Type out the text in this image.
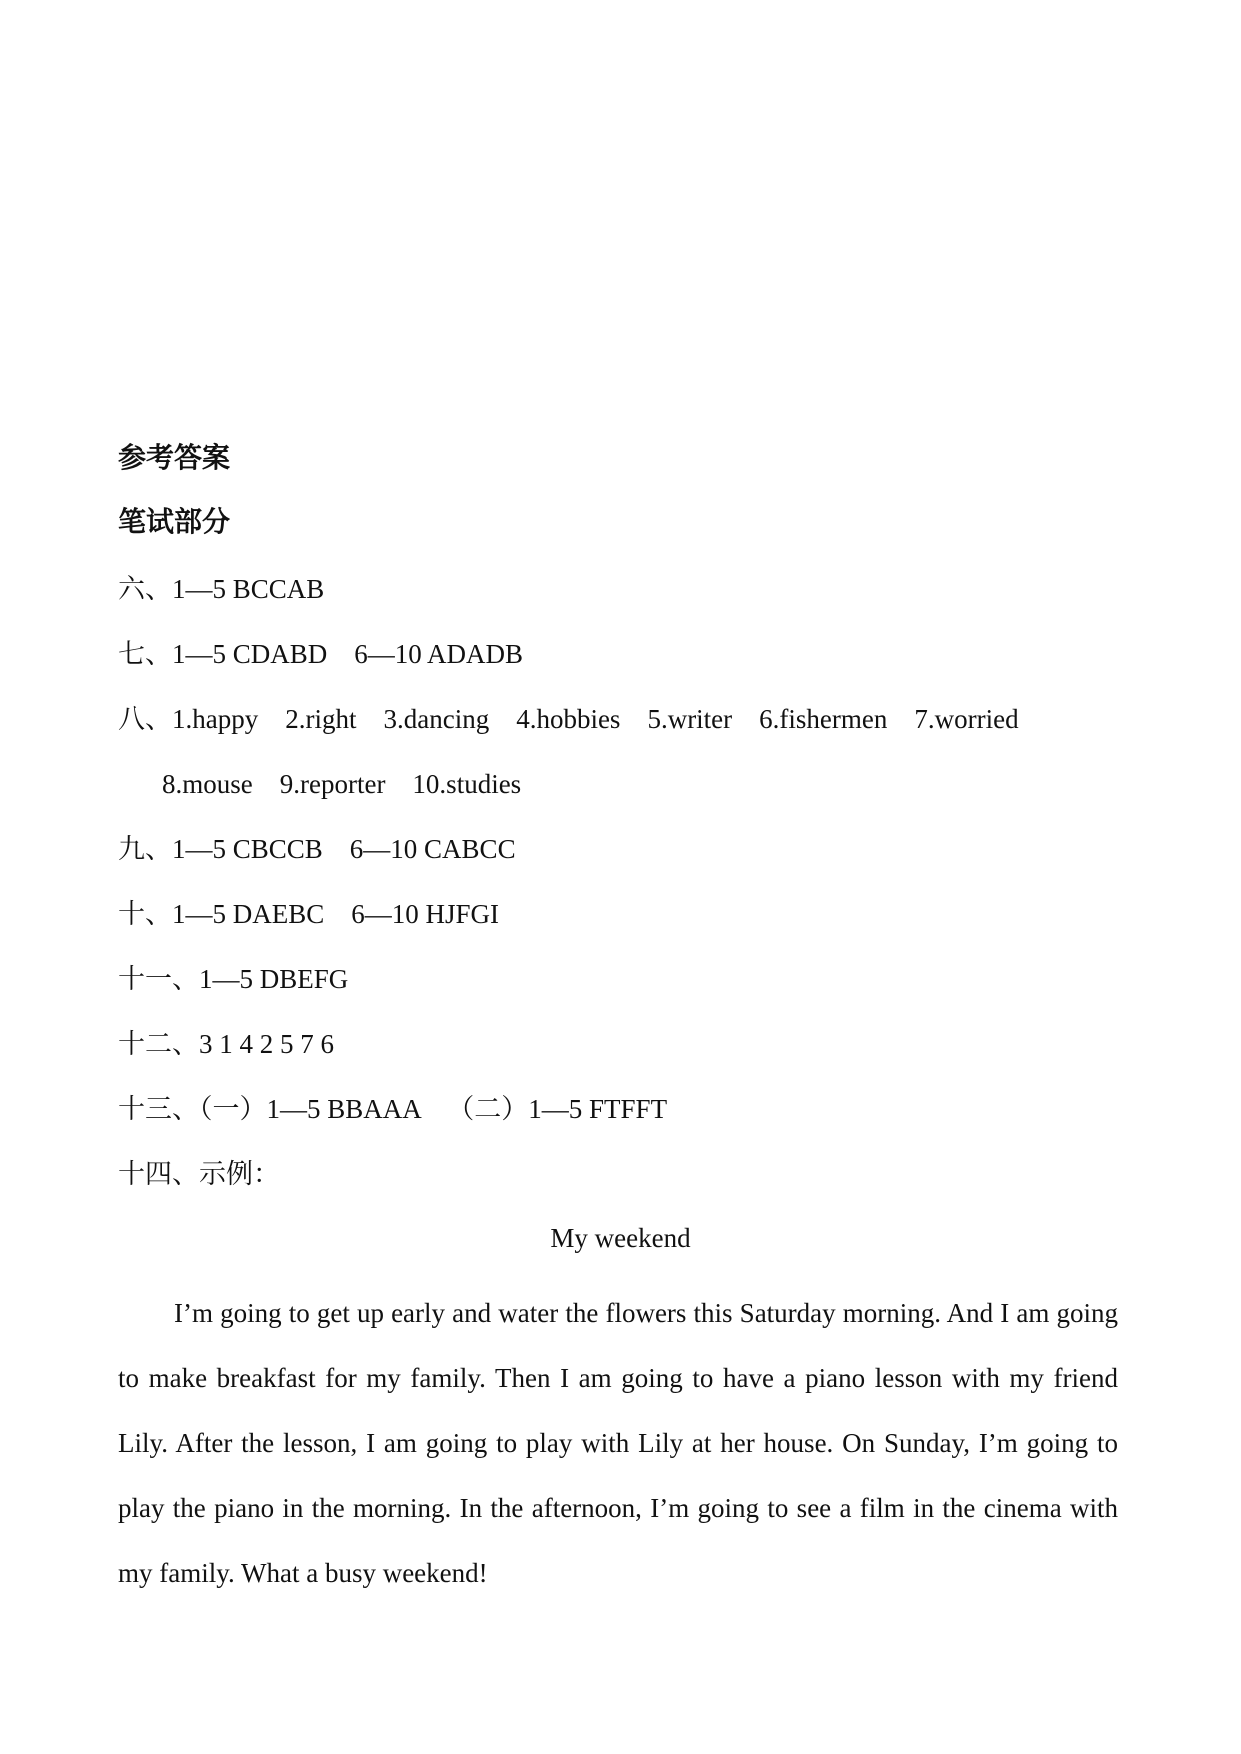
参考答案
笔试部分
六、1—5 BCCAB
七、1—5 CDABD    6—10 ADADB
八、1.happy    2.right    3.dancing    4.hobbies    5.writer    6.fishermen    7.worried
8.mouse    9.reporter    10.studies
九、1—5 CBCCB    6—10 CABCC
十、1—5 DAEBC    6—10 HJFGI
十一、1—5 DBEFG
十二、3 1 4 2 5 7 6
十三、（一）1—5 BBAAA    （二）1—5 FTFFT
十四、示例：
My weekend
I’m going to get up early and water the flowers this Saturday morning. And I am going to make breakfast for my family. Then I am going to have a piano lesson with my friend Lily. After the lesson, I am going to play with Lily at her house. On Sunday, I’m going to play the piano in the morning. In the afternoon, I’m going to see a film in the cinema with my family. What a busy weekend!
